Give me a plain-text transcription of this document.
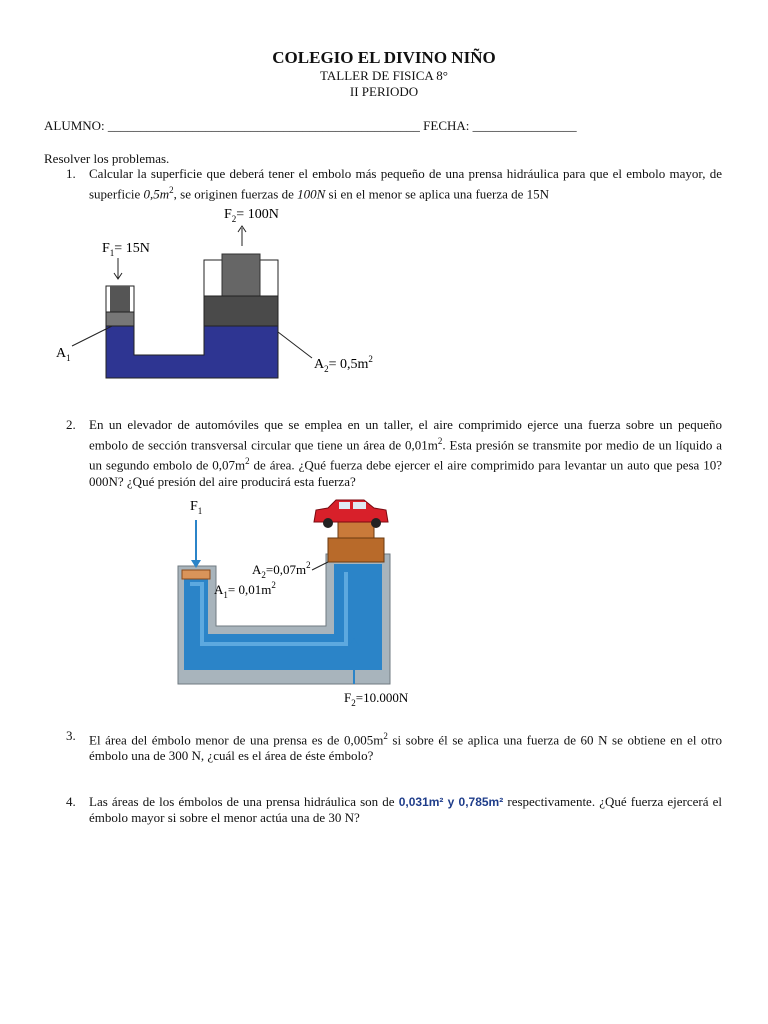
COLEGIO EL DIVINO NIÑO
TALLER DE FISICA 8°
II PERIODO
ALUMNO: ________________________________________________ FECHA: ________________
Resolver los problemas.
1.	Calcular la superficie que deberá tener el embolo más pequeño de una prensa hidráulica para que el embolo mayor, de superficie $0,5m^2$, se originen fuerzas de 100N si en el menor se aplica una fuerza de 15N
$F_1= 15N$
$F_2= 100N$
$A_1$	$A_2= 0,5m^2$
2.	En un elevador de automóviles que se emplea en un taller, el aire comprimido ejerce una fuerza sobre un pequeño embolo de sección transversal circular que tiene un área de $0,01m^2$. Esta presión se transmite por medio de un líquido a un segundo embolo de $0,07m^2$ de área. ¿Qué fuerza debe ejercer el aire comprimido para levantar un auto que pesa 10?000N? ¿Qué presión del aire producirá esta fuerza?
$F_1$
$A_2=0,07m^2$
$A_1= 0,01m^2$
$F_2=10.000N$
3.	El área del émbolo menor de una prensa es de $0,005m^2$ si sobre él se aplica una fuerza de 60 N se obtiene en el otro émbolo una de 300 N, ¿cuál es el área de éste émbolo?
4.	Las áreas de los émbolos de una prensa hidráulica son de 0,031m² y 0,785m² respectivamente. ¿Qué fuerza ejercerá el émbolo mayor si sobre el menor actúa una de 30 N?
